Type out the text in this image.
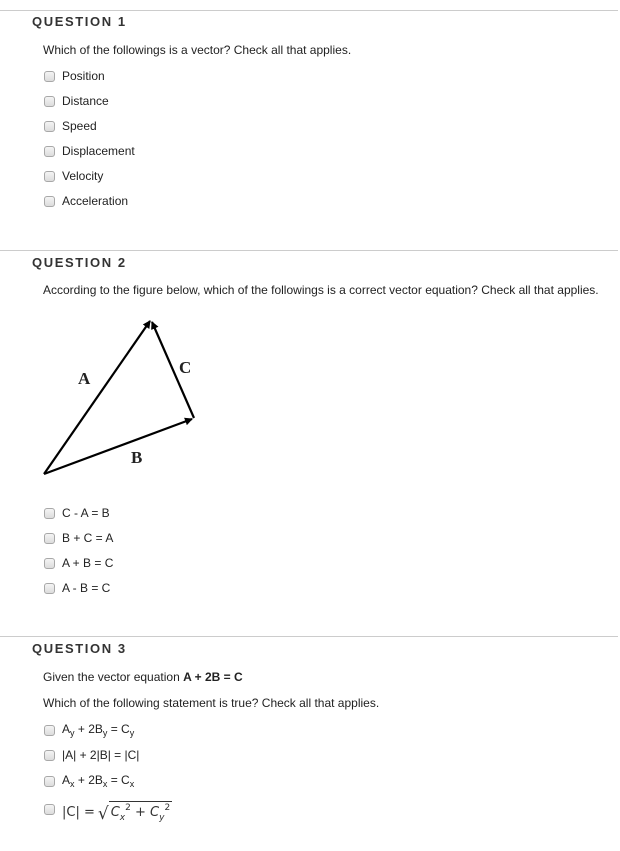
QUESTION 1
Which of the followings is a vector? Check all that applies.
Position
Distance
Speed
Displacement
Velocity
Acceleration
QUESTION 2
According to the figure below, which of the followings is a correct vector equation? Check all that applies.
A
B
C
C - A = B
B + C = A
A + B = C
A - B = C
QUESTION 3
Given the vector equation A + 2B = C
Which of the following statement is true? Check all that applies.
$A_y + 2B_y = C_y$
|A| + 2|B| = |C|
$A_x + 2B_x = C_x$
|C| = √ $C_x^2 + C_y^2$
